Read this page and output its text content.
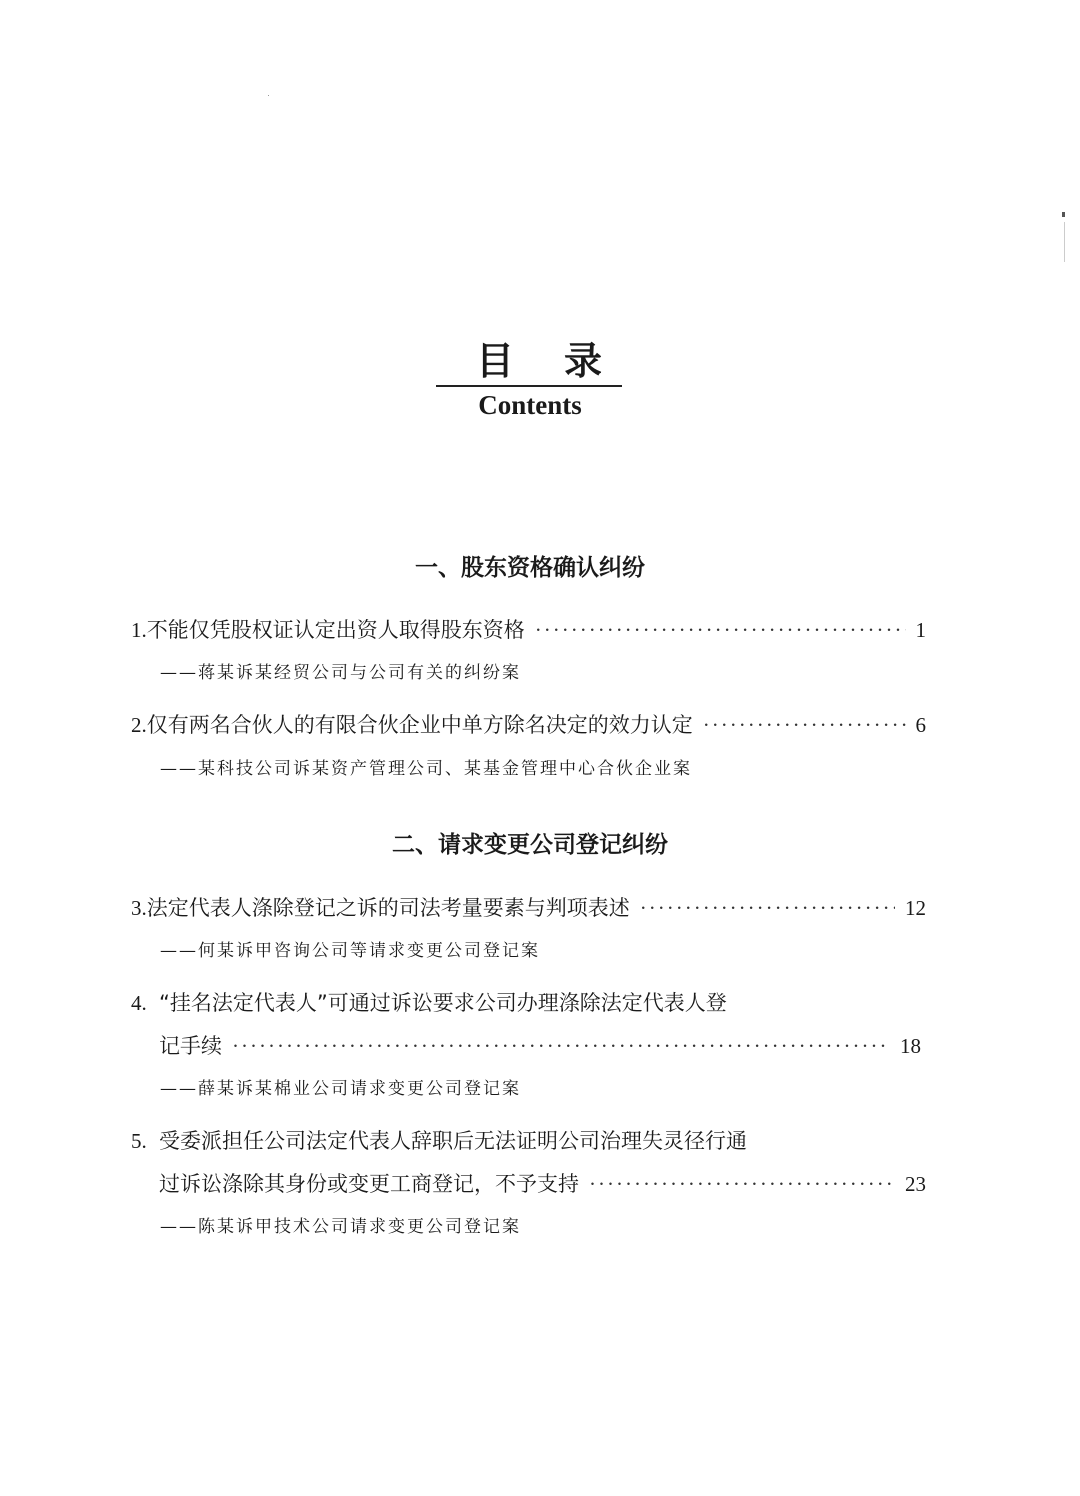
目 录
Contents
一、股东资格确认纠纷
1. 不能仅凭股权证认定出资人取得股东资格 ·····	1
——蒋某诉某经贸公司与公司有关的纠纷案
2. 仅有两名合伙人的有限合伙企业中单方除名决定的效力认定 ·····	6
——某科技公司诉某资产管理公司、某基金管理中心合伙企业案
二、请求变更公司登记纠纷
3. 法定代表人涤除登记之诉的司法考量要素与判项表述 ·····	12
——何某诉甲咨询公司等请求变更公司登记案
4. “挂名法定代表人”可通过诉讼要求公司办理涤除法定代表人登
记手续 ·····	18
——薛某诉某棉业公司请求变更公司登记案
5. 受委派担任公司法定代表人辞职后无法证明公司治理失灵径行通
过诉讼涤除其身份或变更工商登记，不予支持 ·····	23
——陈某诉甲技术公司请求变更公司登记案
